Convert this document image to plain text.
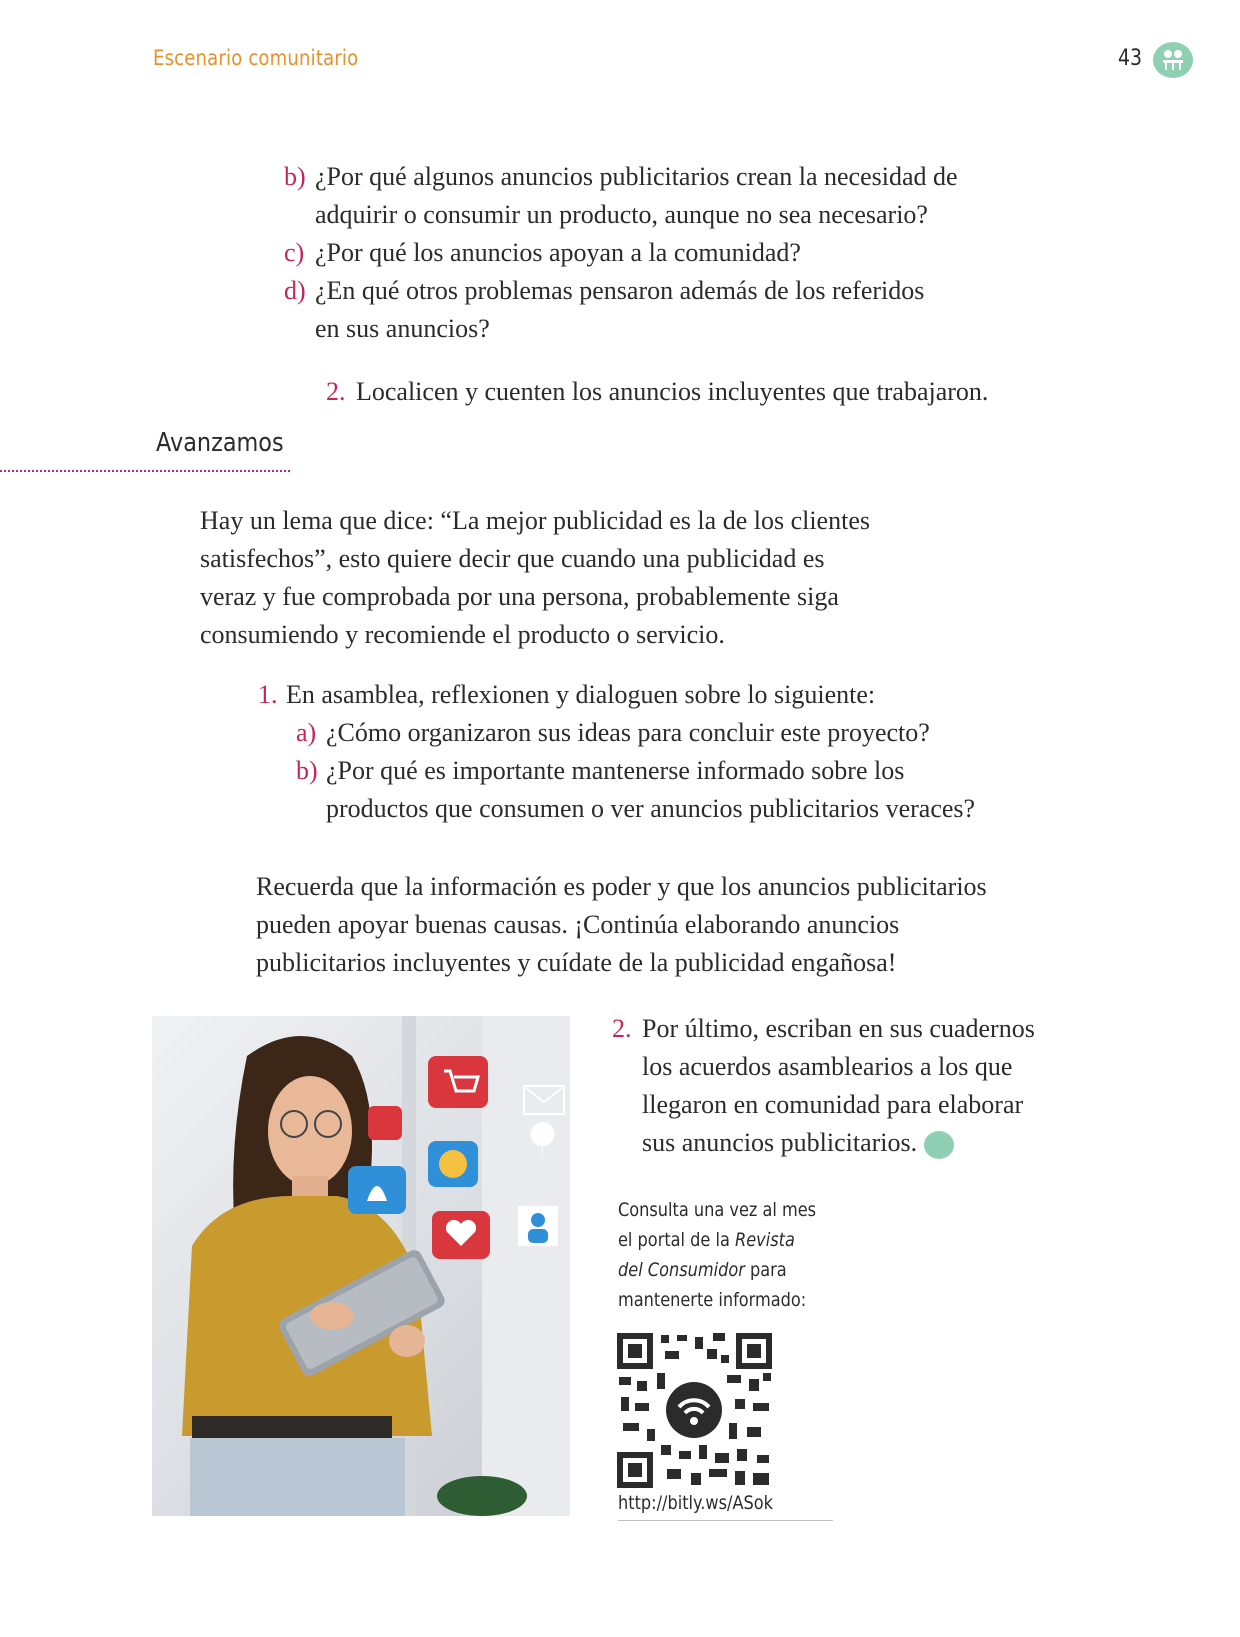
Escenario comunitario	43
b) ¿Por qué algunos anuncios publicitarios crean la necesidad de
adquirir o consumir un producto, aunque no sea necesario?
c) ¿Por qué los anuncios apoyan a la comunidad?
d) ¿En qué otros problemas pensaron además de los referidos
en sus anuncios?
2. Localicen y cuenten los anuncios incluyentes que trabajaron.
Avanzamos
Hay un lema que dice: “La mejor publicidad es la de los clientes
satisfechos”, esto quiere decir que cuando una publicidad es
veraz y fue comprobada por una persona, probablemente siga
consumiendo y recomiende el producto o servicio.
1. En asamblea, reflexionen y dialoguen sobre lo siguiente:
a) ¿Cómo organizaron sus ideas para concluir este proyecto?
b) ¿Por qué es importante mantenerse informado sobre los
productos que consumen o ver anuncios publicitarios veraces?
Recuerda que la información es poder y que los anuncios publicitarios
pueden apoyar buenas causas. ¡Continúa elaborando anuncios
publicitarios incluyentes y cuídate de la publicidad engañosa!
2. Por último, escriban en sus cuadernos
los acuerdos asamblearios a los que
llegaron en comunidad para elaborar
sus anuncios publicitarios.
Consulta una vez al mes
el portal de la Revista
del Consumidor para
mantenerte informado:
http://bitly.ws/ASok
